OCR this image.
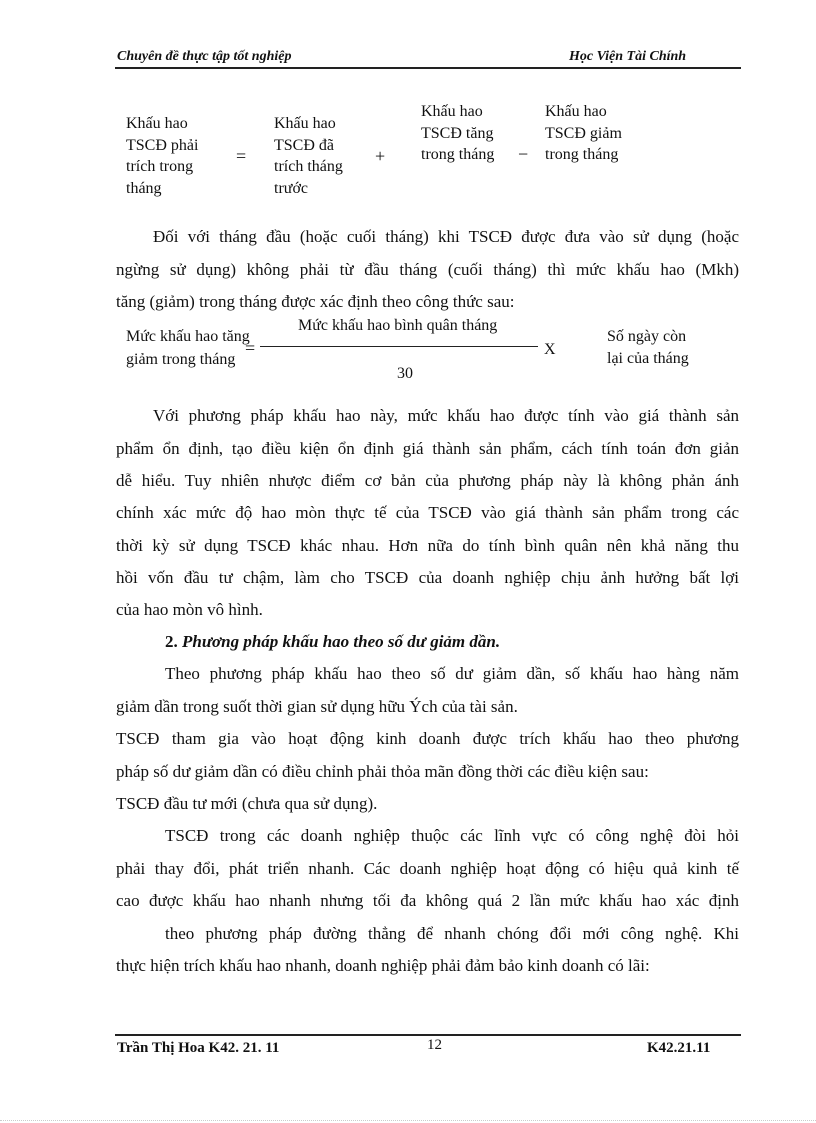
Chuyên đề thực tập tốt nghiệp	Học Viện Tài Chính
Khấu hao TSCĐ phải trích trong tháng
=
Khấu hao TSCĐ đã trích tháng trước
+
Khấu hao TSCĐ tăng trong tháng	−
Khấu hao TSCĐ giảm trong tháng
Đối với tháng đầu (hoặc cuối tháng) khi TSCĐ được đưa vào sử dụng (hoặc
ngừng sử dụng) không phải từ đầu tháng (cuối tháng) thì mức khấu hao (Mkh)
tăng (giảm) trong tháng được xác định theo công thức sau:
Mức khấu hao tăng
giảm trong tháng
=
Mức khấu hao bình quân tháng
30
X
Số ngày còn
lại của tháng
Với phương pháp khấu hao này, mức khấu hao được tính vào giá thành sản
phẩm ổn định, tạo điều kiện ổn định giá thành sản phẩm, cách tính toán đơn giản
dễ hiểu. Tuy nhiên nhược điểm cơ bản của phương pháp này là không phản ánh
chính xác mức độ hao mòn thực tế của TSCĐ vào giá thành sản phẩm trong các
thời kỳ sử dụng TSCĐ khác nhau. Hơn nữa do tính bình quân nên khả năng thu
hồi vốn đầu tư chậm, làm cho TSCĐ của doanh nghiệp chịu ảnh hưởng bất lợi
của hao mòn vô hình.
2. Phương pháp khấu hao theo số dư giảm dần.
Theo phương pháp khấu hao theo số dư giảm dần, số khấu hao hàng năm
giảm dần trong suốt thời gian sử dụng hữu Ých của tài sản.
TSCĐ tham gia vào hoạt động kinh doanh được trích khấu hao theo phương
pháp số dư giảm dần có điều chỉnh phải thỏa mãn đồng thời các điều kiện sau:
TSCĐ đầu tư mới (chưa qua sử dụng).
TSCĐ trong các doanh nghiệp thuộc các lĩnh vực có công nghệ đòi hỏi
phải thay đổi, phát triển nhanh. Các doanh nghiệp hoạt động có hiệu quả kinh tế
cao được khấu hao nhanh nhưng tối đa không quá 2 lần mức khấu hao xác định
theo phương pháp đường thẳng để nhanh chóng đổi mới công nghệ. Khi
thực hiện trích khấu hao nhanh, doanh nghiệp phải đảm bảo kinh doanh có lãi:
Trần Thị Hoa K42. 21. 11	12	K42.21.11
